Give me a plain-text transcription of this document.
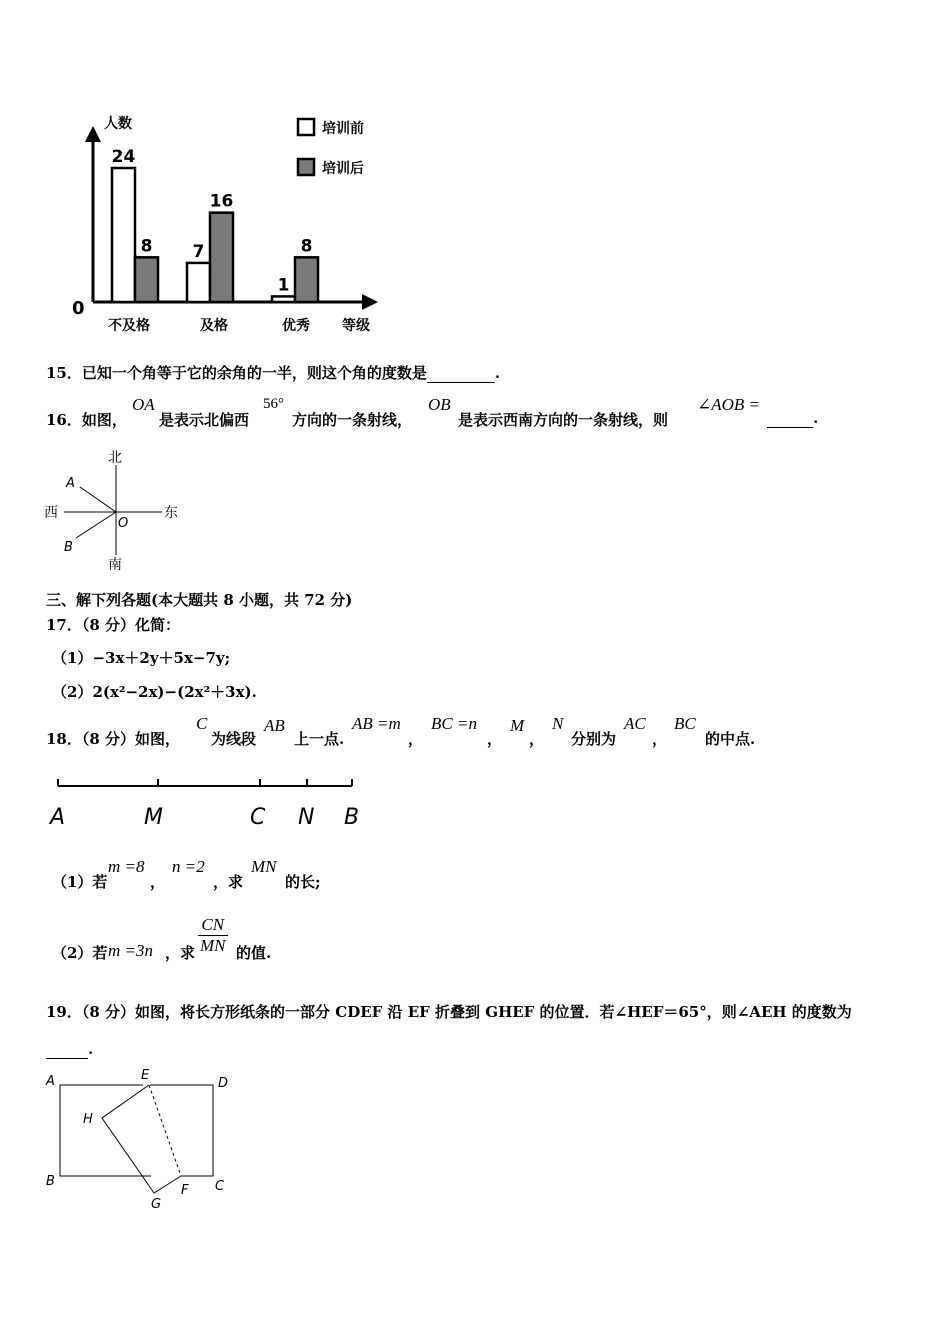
人数
0
等级
24
8
不及格
7
16
及格
1
8
优秀
培训前
培训后
15．已知一个角等于它的余角的一半，则这个角的度数是	.
16．如图，
OA
是表示北偏西
56°
方向的一条射线，
OB
是表示西南方向的一条射线，则
∠AOB =
.
北
南
西	东
A
B
O
三、解下列各题(本大题共 8 小题，共 72 分)
17．（8 分）化简：
（1）−3x＋2y＋5x−7y;
（2）2(x²−2x)−(2x²＋3x).
18．（8 分）如图，
C
为线段
AB
上一点.
AB =m
，
BC =n
，
M
，
N
分别为
AC
，
BC
的中点.
A	M	C N B
（1）若
m =8
，
n =2
，求
MN
的长;
（2）若 m =3n ，求 $\frac{CN}{MN}$ 的值.
19．（8 分）如图，将长方形纸条的一部分 CDEF 沿 EF 折叠到 GHEF 的位置．若∠HEF＝65°，则∠AEH 的度数为
.
A
B	C
D
E
F
G
H
